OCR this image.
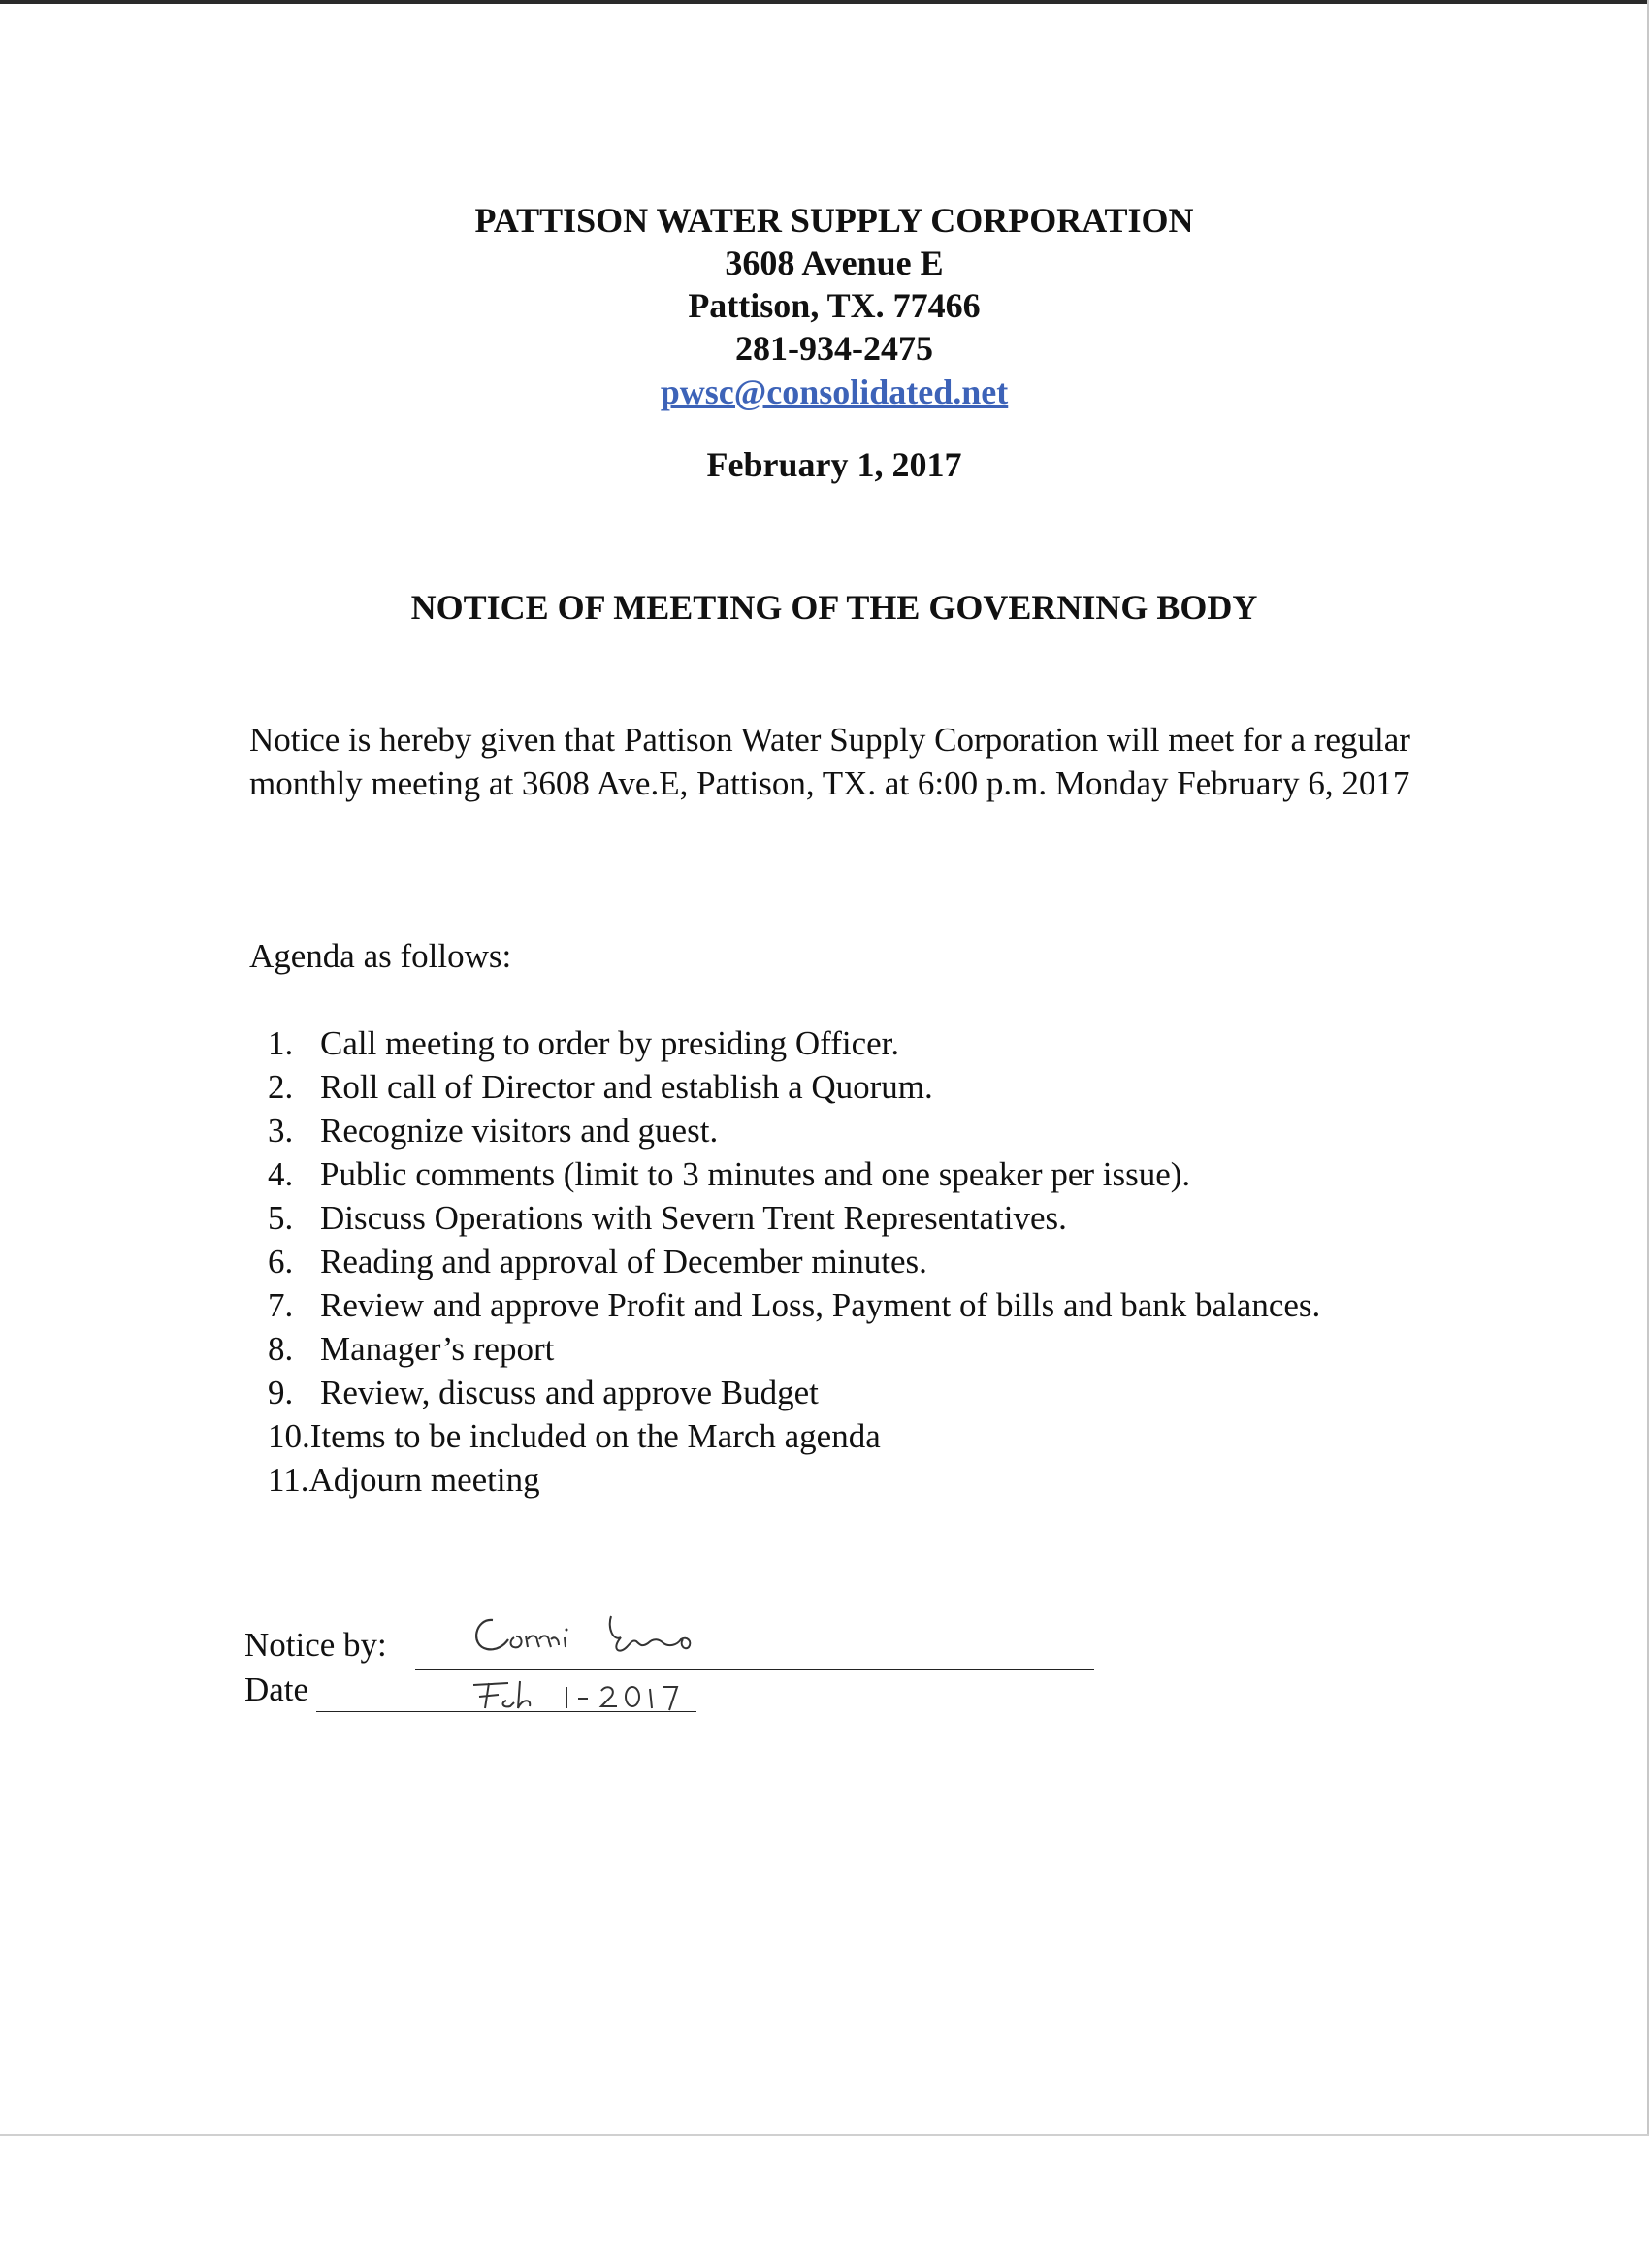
PATTISON WATER SUPPLY CORPORATION
3608 Avenue E
Pattison, TX. 77466
281-934-2475
pwsc@consolidated.net
February 1, 2017
NOTICE OF MEETING OF THE GOVERNING BODY
Notice is hereby given that Pattison Water Supply Corporation will meet for a regular monthly meeting at 3608 Ave.E, Pattison, TX. at 6:00 p.m. Monday February 6, 2017
Agenda as follows:
1. Call meeting to order by presiding Officer.
2. Roll call of Director and establish a Quorum.
3. Recognize visitors and guest.
4. Public comments (limit to 3 minutes and one speaker per issue).
5. Discuss Operations with Severn Trent Representatives.
6. Reading and approval of December minutes.
7. Review and approve Profit and Loss, Payment of bills and bank balances.
8. Manager’s report
9. Review, discuss and approve Budget
10.Items to be included on the March agenda
11.Adjourn meeting
Notice by:
Date
